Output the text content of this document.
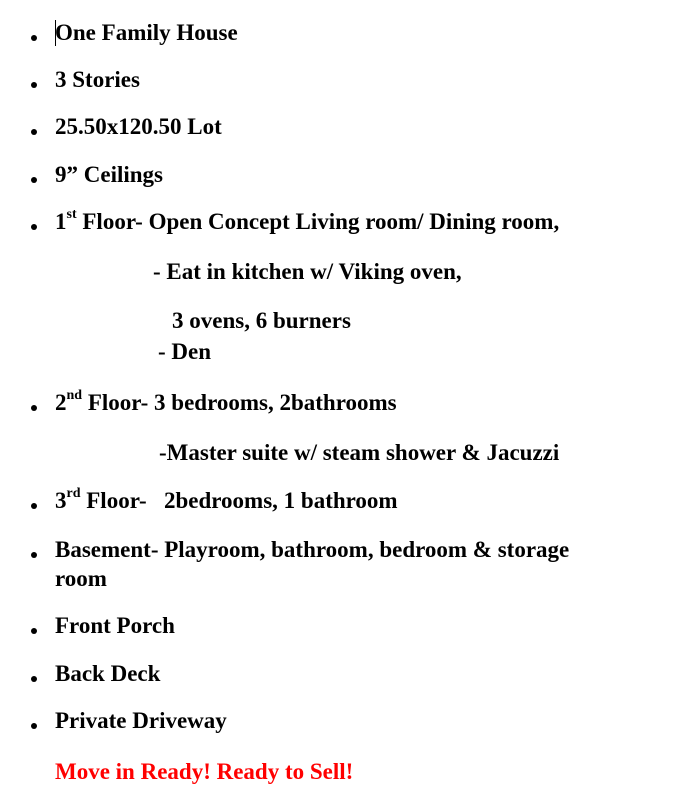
One Family House
3 Stories
25.50x120.50 Lot
9” Ceilings
1st Floor- Open Concept Living room/ Dining room,
- Eat in kitchen w/ Viking oven,
3 ovens, 6 burners
- Den
2nd Floor- 3 bedrooms, 2bathrooms
-Master suite w/ steam shower & Jacuzzi
3rd Floor-   2bedrooms, 1 bathroom
Basement- Playroom, bathroom, bedroom & storage
room
Front Porch
Back Deck
Private Driveway
Move in Ready! Ready to Sell!
